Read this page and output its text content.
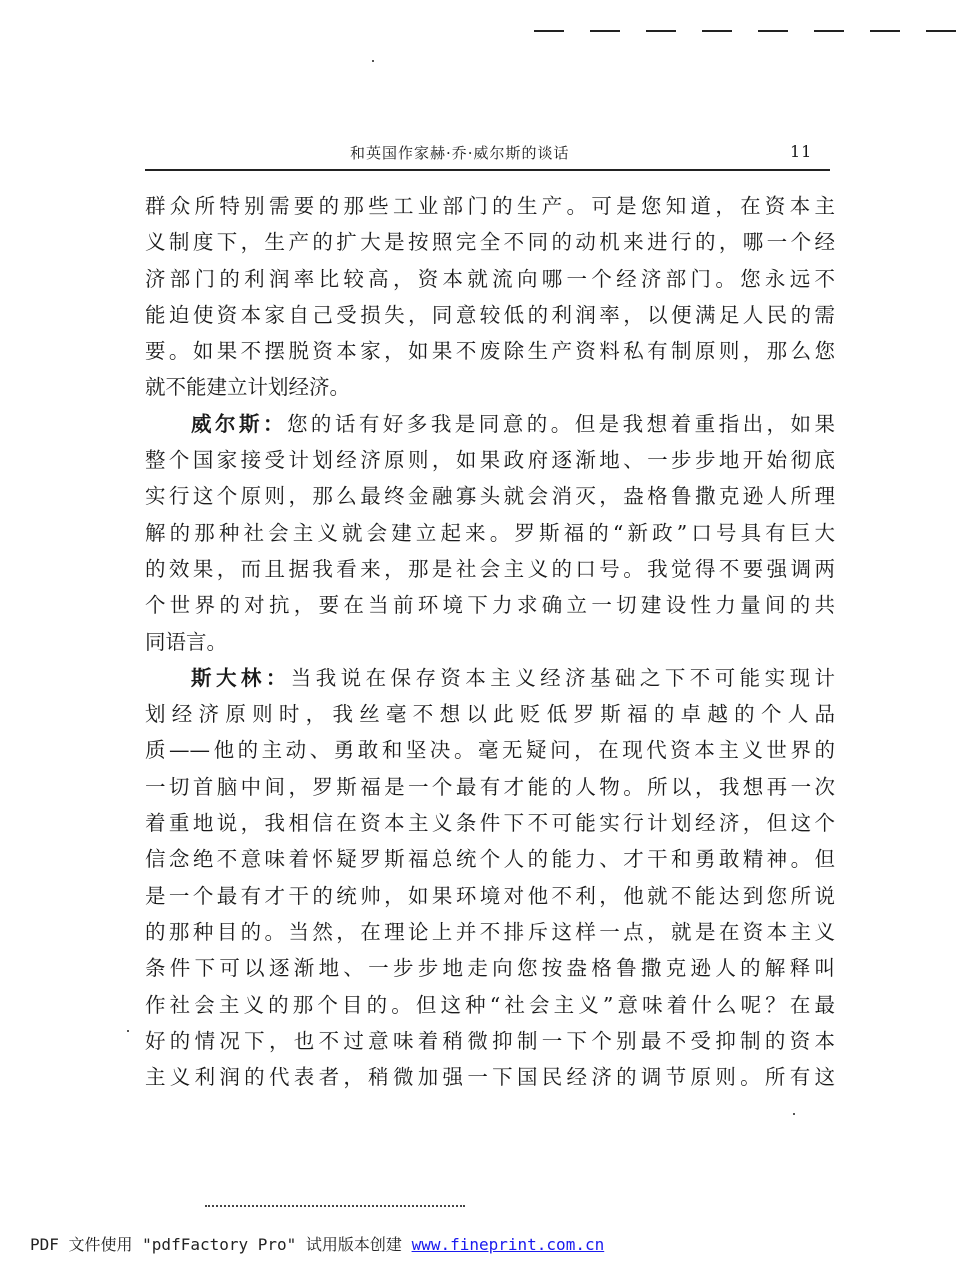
和英国作家赫·乔·威尔斯的谈话	11
群众所特别需要的那些工业部门的生产。可是您知道，在资本主
义制度下，生产的扩大是按照完全不同的动机来进行的，哪一个经
济部门的利润率比较高，资本就流向哪一个经济部门。您永远不
能迫使资本家自己受损失，同意较低的利润率，以便满足人民的需
要。如果不摆脱资本家，如果不废除生产资料私有制原则，那么您
就不能建立计划经济。
威尔斯：您的话有好多我是同意的。但是我想着重指出，如果
整个国家接受计划经济原则，如果政府逐渐地、一步步地开始彻底
实行这个原则，那么最终金融寡头就会消灭，盎格鲁撒克逊人所理
解的那种社会主义就会建立起来。罗斯福的“新政”口号具有巨大
的效果，而且据我看来，那是社会主义的口号。我觉得不要强调两
个世界的对抗，要在当前环境下力求确立一切建设性力量间的共
同语言。
斯大林：当我说在保存资本主义经济基础之下不可能实现计
划经济原则时，我丝毫不想以此贬低罗斯福的卓越的个人品
质——他的主动、勇敢和坚决。毫无疑问，在现代资本主义世界的
一切首脑中间，罗斯福是一个最有才能的人物。所以，我想再一次
着重地说，我相信在资本主义条件下不可能实行计划经济，但这个
信念绝不意味着怀疑罗斯福总统个人的能力、才干和勇敢精神。但
是一个最有才干的统帅，如果环境对他不利，他就不能达到您所说
的那种目的。当然，在理论上并不排斥这样一点，就是在资本主义
条件下可以逐渐地、一步步地走向您按盎格鲁撒克逊人的解释叫
作社会主义的那个目的。但这种“社会主义”意味着什么呢？在最
好的情况下，也不过意味着稍微抑制一下个别最不受抑制的资本
主义利润的代表者，稍微加强一下国民经济的调节原则。所有这
PDF 文件使用 "pdfFactory Pro" 试用版本创建 www.fineprint.com.cn
